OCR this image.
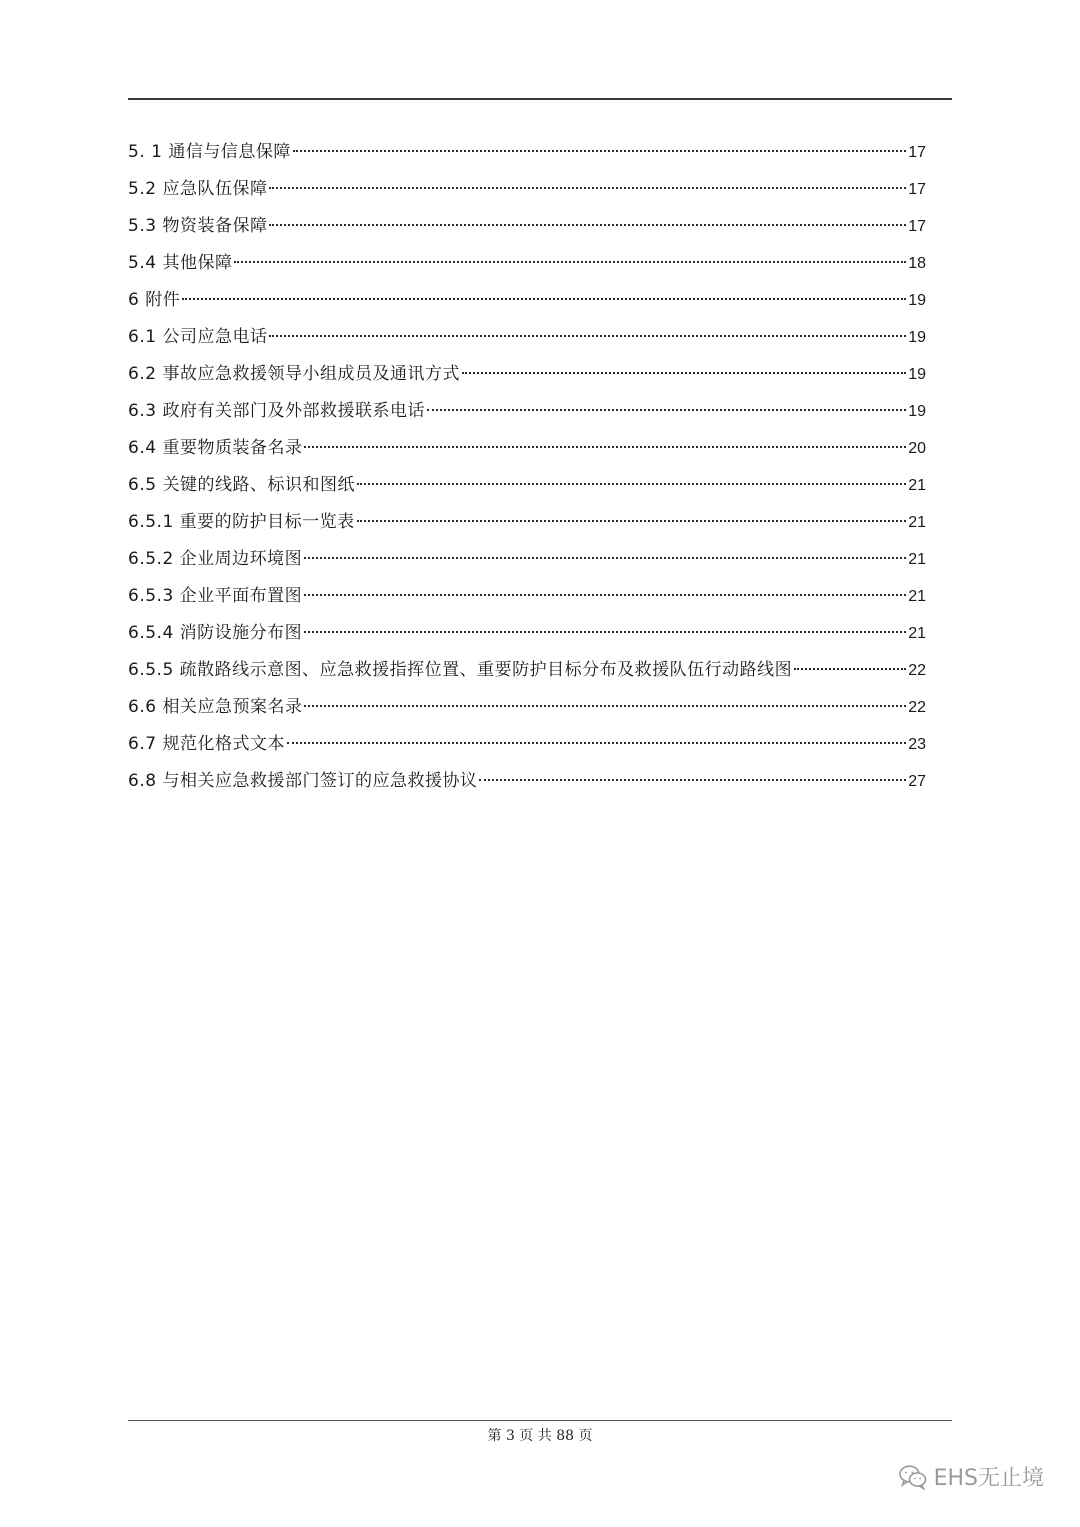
5. 1 通信与信息保障	17
5.2 应急队伍保障	17
5.3 物资装备保障	17
5.4 其他保障	18
6 附件	19
6.1 公司应急电话	19
6.2 事故应急救援领导小组成员及通讯方式	19
6.3 政府有关部门及外部救援联系电话	19
6.4 重要物质装备名录	20
6.5 关键的线路、标识和图纸	21
6.5.1 重要的防护目标一览表	21
6.5.2 企业周边环境图	21
6.5.3 企业平面布置图	21
6.5.4 消防设施分布图	21
6.5.5 疏散路线示意图、应急救援指挥位置、重要防护目标分布及救援队伍行动路线图	22
6.6 相关应急预案名录	22
6.7 规范化格式文本	23
6.8 与相关应急救援部门签订的应急救援协议	27
第 3 页 共 88 页
EHS无止境
